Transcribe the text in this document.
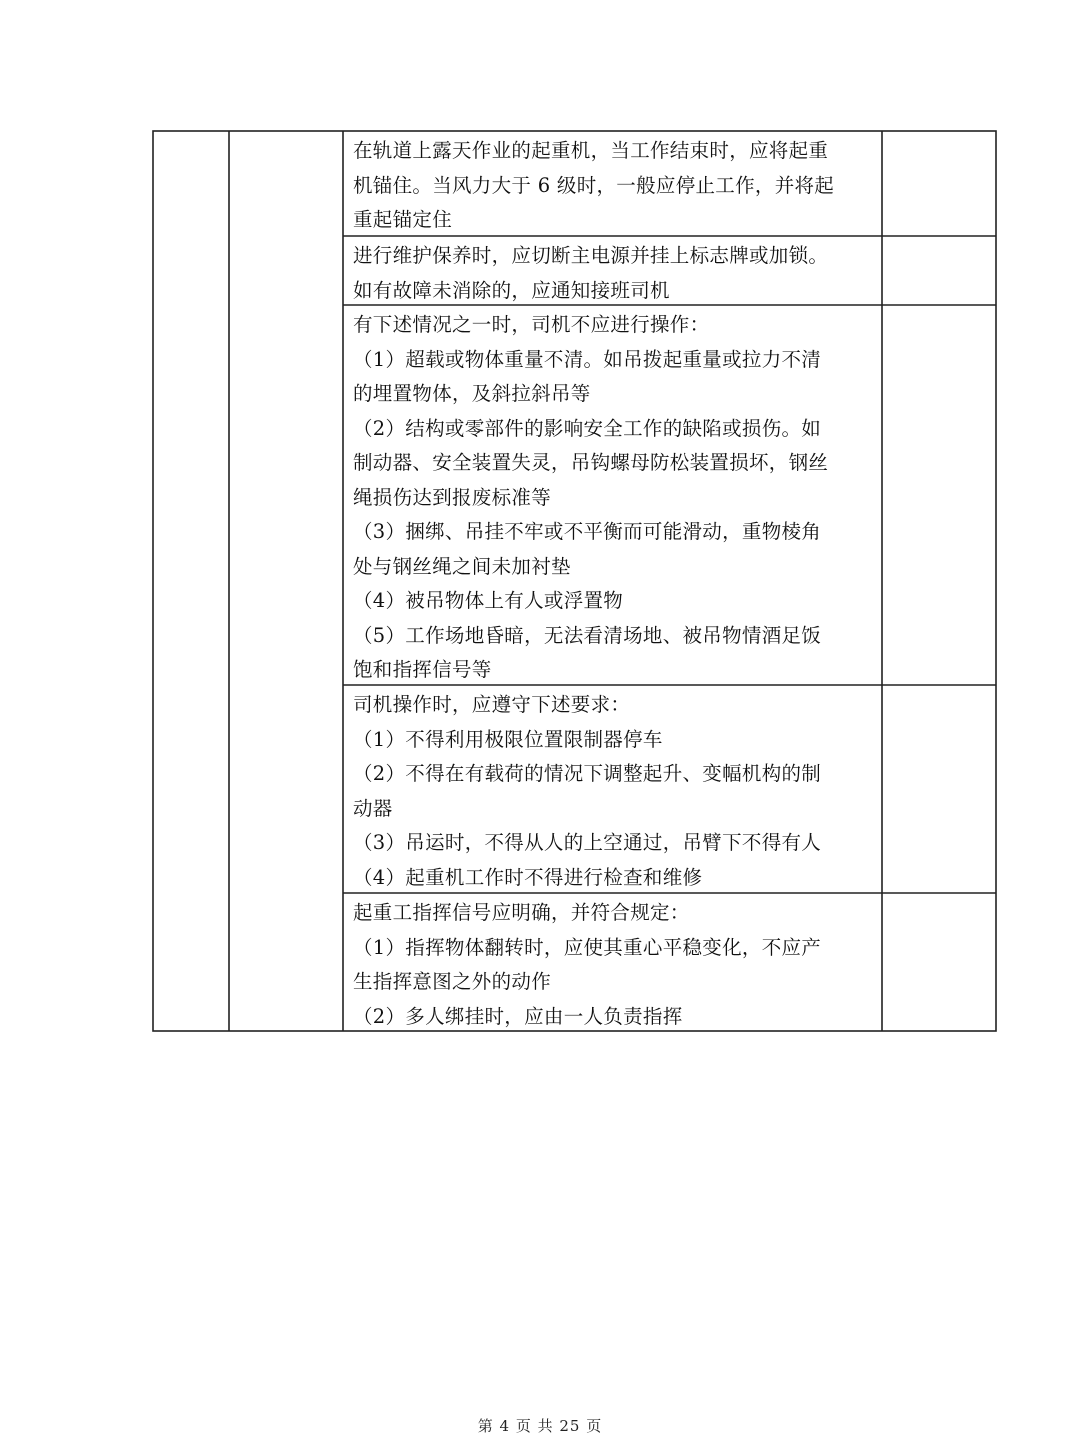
在轨道上露天作业的起重机，当工作结束时，应将起重

机锚住。当风力大于 6 级时，一般应停止工作，并将起

重起锚定住

进行维护保养时，应切断主电源并挂上标志牌或加锁。

如有故障未消除的，应通知接班司机

有下述情况之一时，司机不应进行操作：

（1）超载或物体重量不清。如吊拨起重量或拉力不清

的埋置物体，及斜拉斜吊等

（2）结构或零部件的影响安全工作的缺陷或损伤。如

制动器、安全装置失灵，吊钩螺母防松装置损坏，钢丝

绳损伤达到报废标准等

（3）捆绑、吊挂不牢或不平衡而可能滑动，重物棱角

处与钢丝绳之间未加衬垫

（4）被吊物体上有人或浮置物

（5）工作场地昏暗，无法看清场地、被吊物情酒足饭

饱和指挥信号等

司机操作时，应遵守下述要求：

（1）不得利用极限位置限制器停车

（2）不得在有载荷的情况下调整起升、变幅机构的制

动器

（3）吊运时，不得从人的上空通过，吊臂下不得有人

（4）起重机工作时不得进行检查和维修

起重工指挥信号应明确，并符合规定：

（1）指挥物体翻转时，应使其重心平稳变化，不应产

生指挥意图之外的动作

（2）多人绑挂时，应由一人负责指挥

第 4 页 共 25 页
